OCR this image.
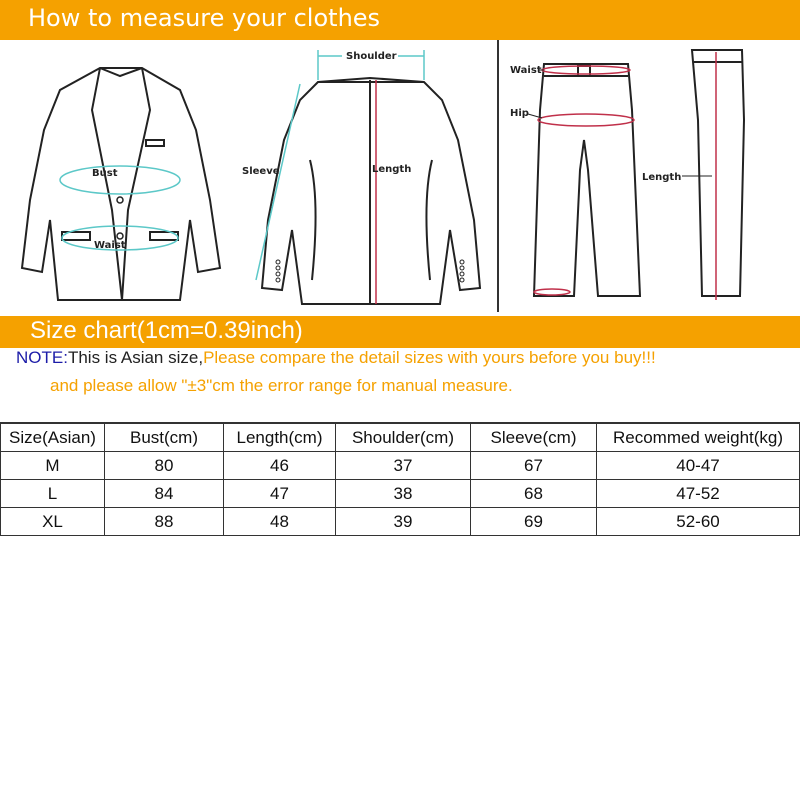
How to measure your clothes
Bust
Waist
Shoulder
Sleeve	Length
Waist
Hip
Length
Size chart(1cm=0.39inch)
NOTE:This is Asian size,Please compare the detail sizes with yours before you buy!!!
and please allow "±3"cm the error range for manual measure.
Size(Asian)	Bust(cm)	Length(cm)	Shoulder(cm)	Sleeve(cm)	Recommed weight(kg)
M	80	46	37	67	40-47
L	84	47	38	68	47-52
XL	88	48	39	69	52-60
